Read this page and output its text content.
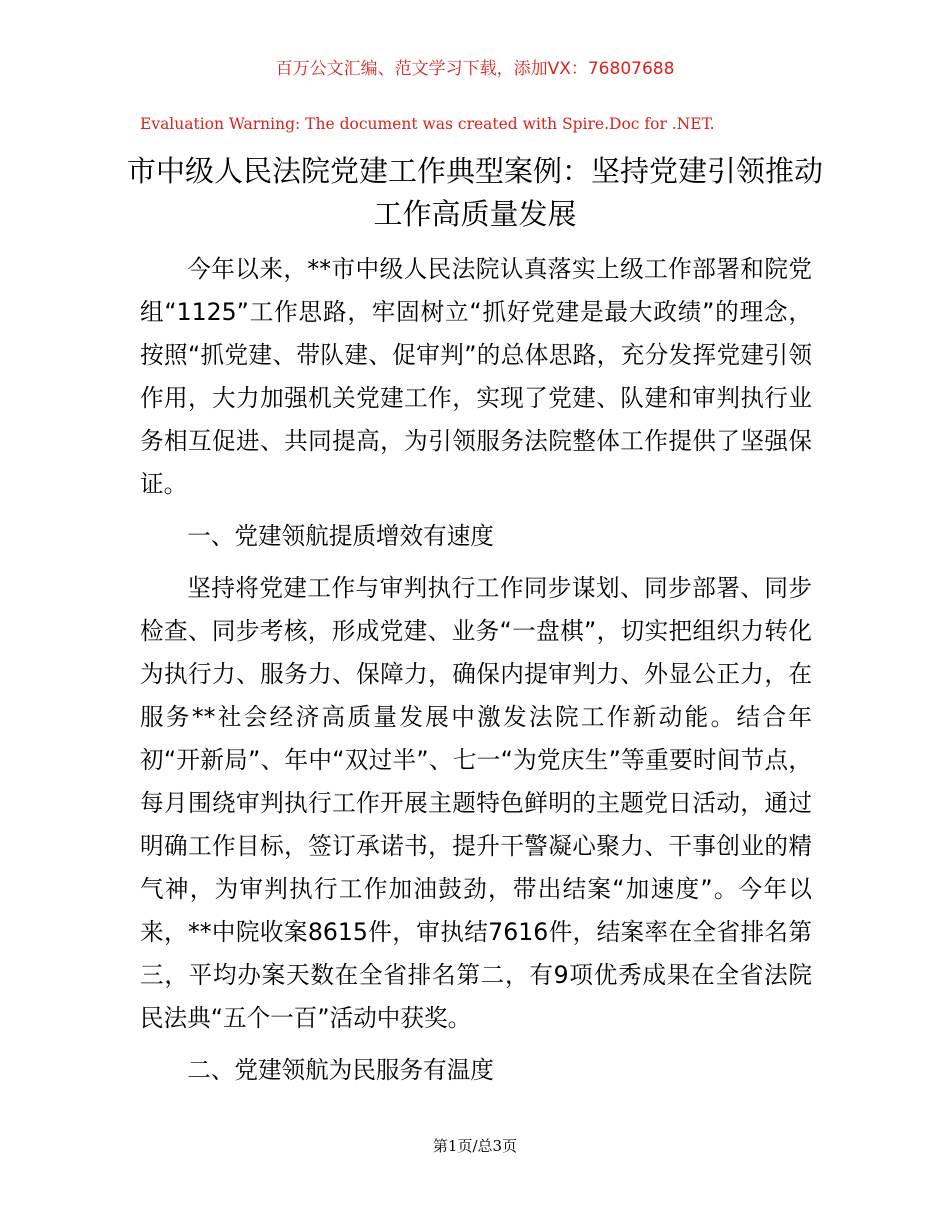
百万公文汇编、范文学习下载，添加VX：76807688
Evaluation Warning: The document was created with Spire.Doc for .NET.
市中级人民法院党建工作典型案例：坚持党建引领推动工作高质量发展

今年以来，**市中级人民法院认真落实上级工作部署和院党组“1125”工作思路，牢固树立“抓好党建是最大政绩”的理念，按照“抓党建、带队建、促审判”的总体思路，充分发挥党建引领作用，大力加强机关党建工作，实现了党建、队建和审判执行业务相互促进、共同提高，为引领服务法院整体工作提供了坚强保证。

一、党建领航提质增效有速度

坚持将党建工作与审判执行工作同步谋划、同步部署、同步检查、同步考核，形成党建、业务“一盘棋”，切实把组织力转化为执行力、服务力、保障力，确保内提审判力、外显公正力，在服务**社会经济高质量发展中激发法院工作新动能。结合年初“开新局”、年中“双过半”、七一“为党庆生”等重要时间节点，每月围绕审判执行工作开展主题特色鲜明的主题党日活动，通过明确工作目标，签订承诺书，提升干警凝心聚力、干事创业的精气神，为审判执行工作加油鼓劲，带出结案“加速度”。今年以来，**中院收案8615件，审执结7616件，结案率在全省排名第三，平均办案天数在全省排名第二，有9项优秀成果在全省法院民法典“五个一百”活动中获奖。

二、党建领航为民服务有温度

第1页/总3页
